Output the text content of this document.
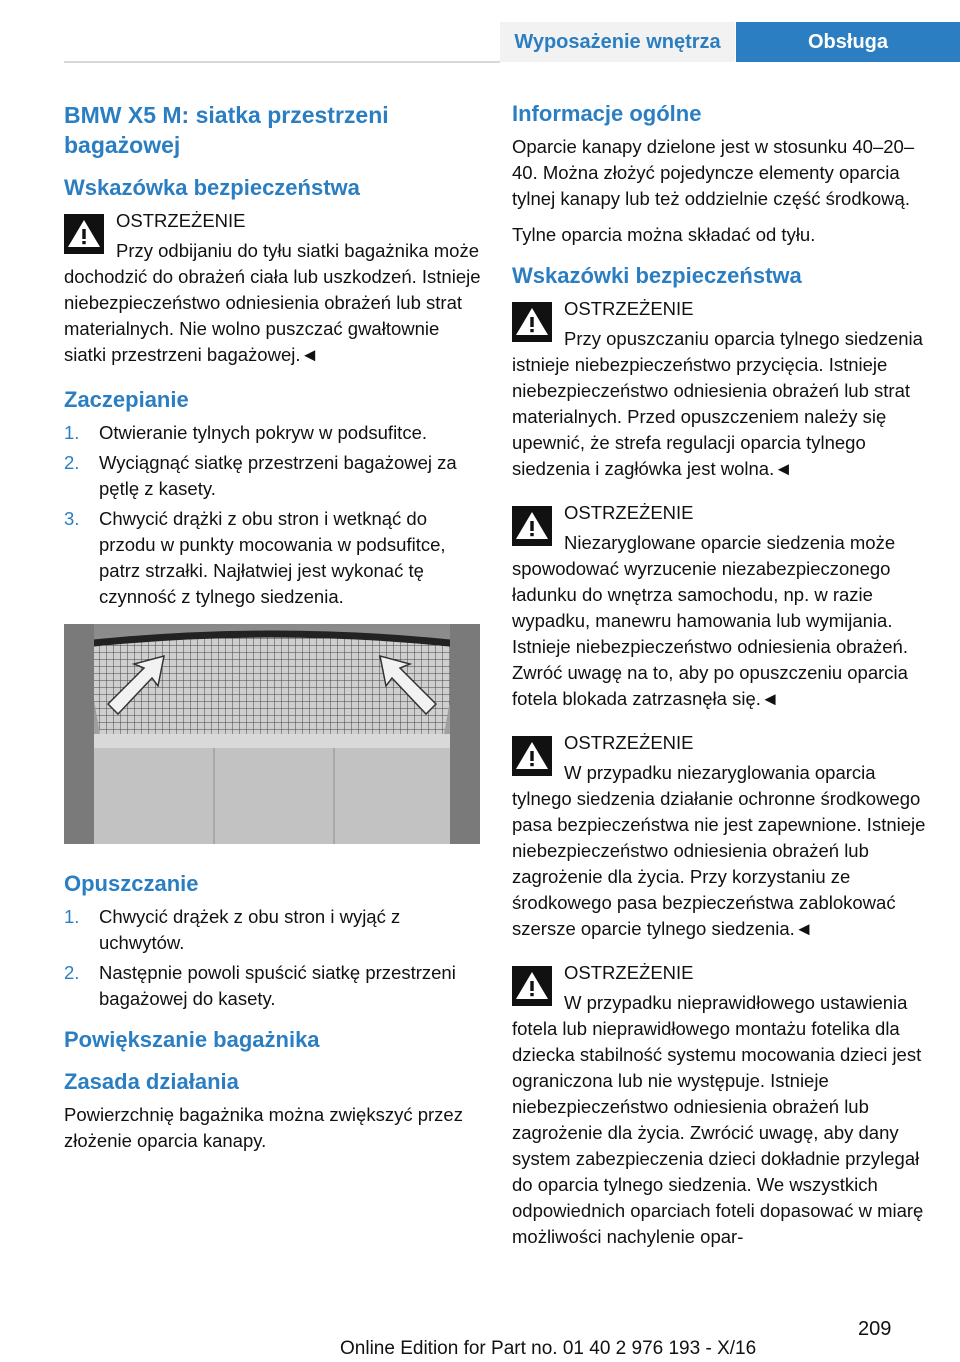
Wyposażenie wnętrza	Obsługa
BMW X5 M: siatka przestrzeni bagażowej
Wskazówka bezpieczeństwa
OSTRZEŻENIE
Przy odbijaniu do tyłu siatki bagażnika może dochodzić do obrażeń ciała lub uszkodzeń. Istnieje niebezpieczeństwo odniesienia obrażeń lub strat materialnych. Nie wolno puszczać gwałtownie siatki przestrzeni bagażowej.◄
Zaczepianie
1. Otwieranie tylnych pokryw w podsufitce.
2. Wyciągnąć siatkę przestrzeni bagażowej za pętlę z kasety.
3. Chwycić drążki z obu stron i wetknąć do przodu w punkty mocowania w podsufitce, patrz strzałki. Najłatwiej jest wykonać tę czynność z tylnego siedzenia.
Opuszczanie
1. Chwycić drążek z obu stron i wyjąć z uchwytów.
2. Następnie powoli spuścić siatkę przestrzeni bagażowej do kasety.
Powiększanie bagażnika
Zasada działania

Powierzchnię bagażnika można zwiększyć przez złożenie oparcia kanapy.

Informacje ogólne

Oparcie kanapy dzielone jest w stosunku 40–20–40. Można złożyć pojedyncze elementy oparcia tylnej kanapy lub też oddzielnie część środkową.

Tylne oparcia można składać od tyłu.

Wskazówki bezpieczeństwa
OSTRZEŻENIE
Przy opuszczaniu oparcia tylnego siedzenia istnieje niebezpieczeństwo przycięcia. Istnieje niebezpieczeństwo odniesienia obrażeń lub strat materialnych. Przed opuszczeniem należy się upewnić, że strefa regulacji oparcia tylnego siedzenia i zagłówka jest wolna.◄
OSTRZEŻENIE
Niezaryglowane oparcie siedzenia może spowodować wyrzucenie niezabezpieczonego ładunku do wnętrza samochodu, np. w razie wypadku, manewru hamowania lub wymijania. Istnieje niebezpieczeństwo odniesienia obrażeń. Zwróć uwagę na to, aby po opuszczeniu oparcia fotela blokada zatrzasnęła się.◄
OSTRZEŻENIE
W przypadku niezaryglowania oparcia tylnego siedzenia działanie ochronne środkowego pasa bezpieczeństwa nie jest zapewnione. Istnieje niebezpieczeństwo odniesienia obrażeń lub zagrożenie dla życia. Przy korzystaniu ze środkowego pasa bezpieczeństwa zablokować szersze oparcie tylnego siedzenia.◄
OSTRZEŻENIE
W przypadku nieprawidłowego ustawienia fotela lub nieprawidłowego montażu fotelika dla dziecka stabilność systemu mocowania dzieci jest ograniczona lub nie występuje. Istnieje niebezpieczeństwo odniesienia obrażeń lub zagrożenie dla życia. Zwrócić uwagę, aby dany system zabezpieczenia dzieci dokładnie przylegał do oparcia tylnego siedzenia. We wszystkich odpowiednich oparciach foteli dopasować w miarę możliwości nachylenie opar-
209
Online Edition for Part no. 01 40 2 976 193 - X/16
